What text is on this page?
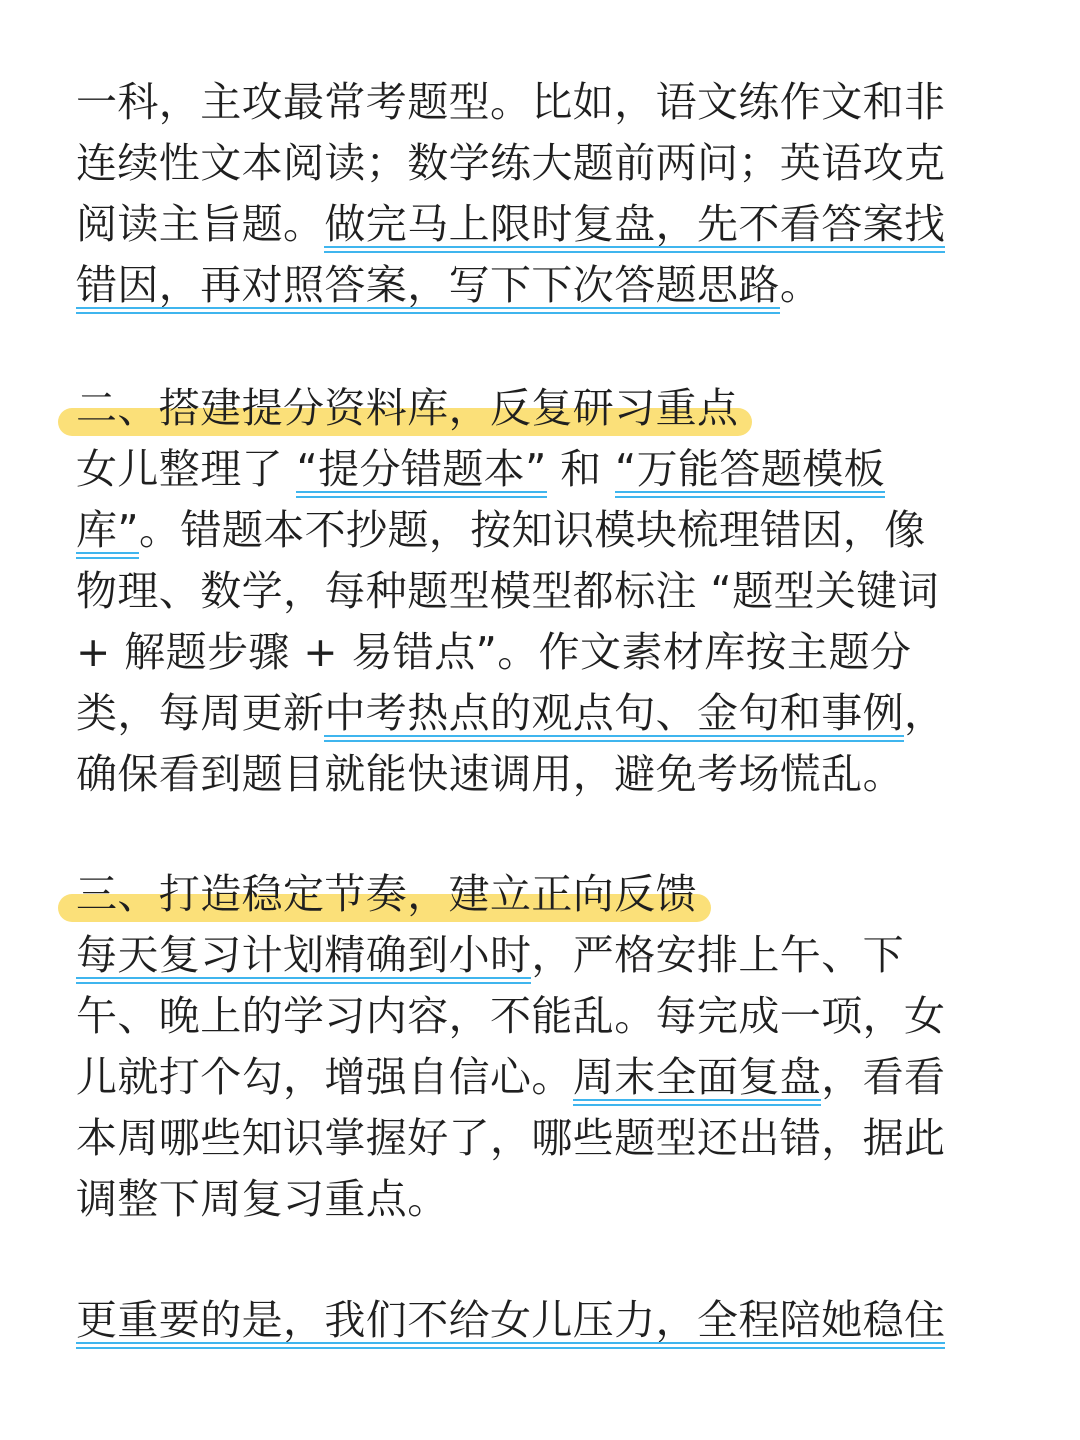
一科，主攻最常考题型。比如，语文练作文和非
连续性文本阅读；数学练大题前两问；英语攻克
阅读主旨题。做完马上限时复盘，先不看答案找
错因，再对照答案，写下下次答题思路。
二、搭建提分资料库，反复研习重点
女儿整理了 “提分错题本” 和 “万能答题模板
库”。错题本不抄题，按知识模块梳理错因，像
物理、数学，每种题型模型都标注 “题型关键词
+ 解题步骤 + 易错点”。作文素材库按主题分
类，每周更新中考热点的观点句、金句和事例，
确保看到题目就能快速调用，避免考场慌乱。
三、打造稳定节奏，建立正向反馈
每天复习计划精确到小时，严格安排上午、下
午、晚上的学习内容，不能乱。每完成一项，女
儿就打个勾，增强自信心。周末全面复盘，看看
本周哪些知识掌握好了，哪些题型还出错，据此
调整下周复习重点。
更重要的是，我们不给女儿压力，全程陪她稳住
